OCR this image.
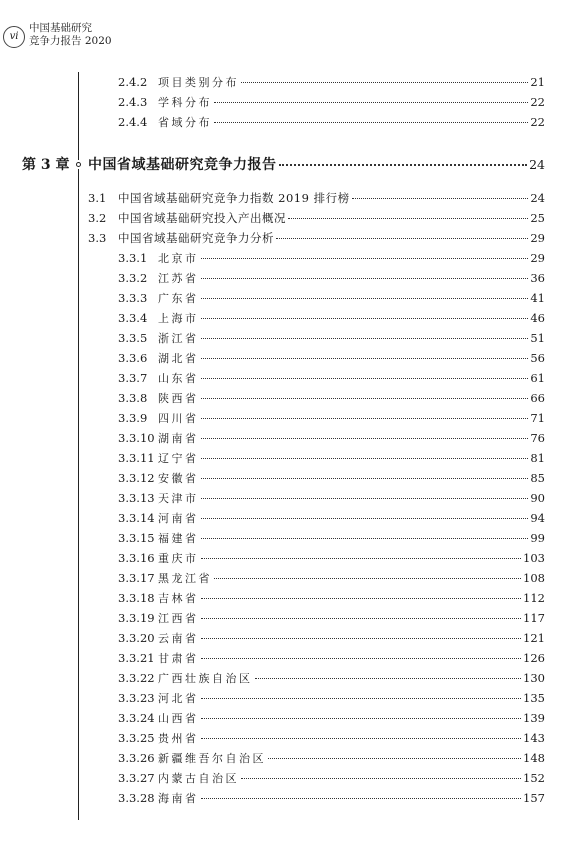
vi
中国基础研究
竞争力报告 2020
2.4.2 项目类别分布	21
2.4.3 学科分布	22
2.4.4 省域分布	22
第 3 章	中国省域基础研究竞争力报告	24
3.1	中国省域基础研究竞争力指数 2019 排行榜	24
3.2	中国省域基础研究投入产出概况	25
3.3	中国省域基础研究竞争力分析	29
3.3.1 北京市	29
3.3.2 江苏省	36
3.3.3 广东省	41
3.3.4 上海市	46
3.3.5 浙江省	51
3.3.6 湖北省	56
3.3.7 山东省	61
3.3.8 陕西省	66
3.3.9 四川省	71
3.3.10 湖南省	76
3.3.11 辽宁省	81
3.3.12 安徽省	85
3.3.13 天津市	90
3.3.14 河南省	94
3.3.15 福建省	99
3.3.16 重庆市	103
3.3.17 黑龙江省	108
3.3.18 吉林省	112
3.3.19 江西省	117
3.3.20 云南省	121
3.3.21 甘肃省	126
3.3.22 广西壮族自治区	130
3.3.23 河北省	135
3.3.24 山西省	139
3.3.25 贵州省	143
3.3.26 新疆维吾尔自治区	148
3.3.27 内蒙古自治区	152
3.3.28 海南省	157
